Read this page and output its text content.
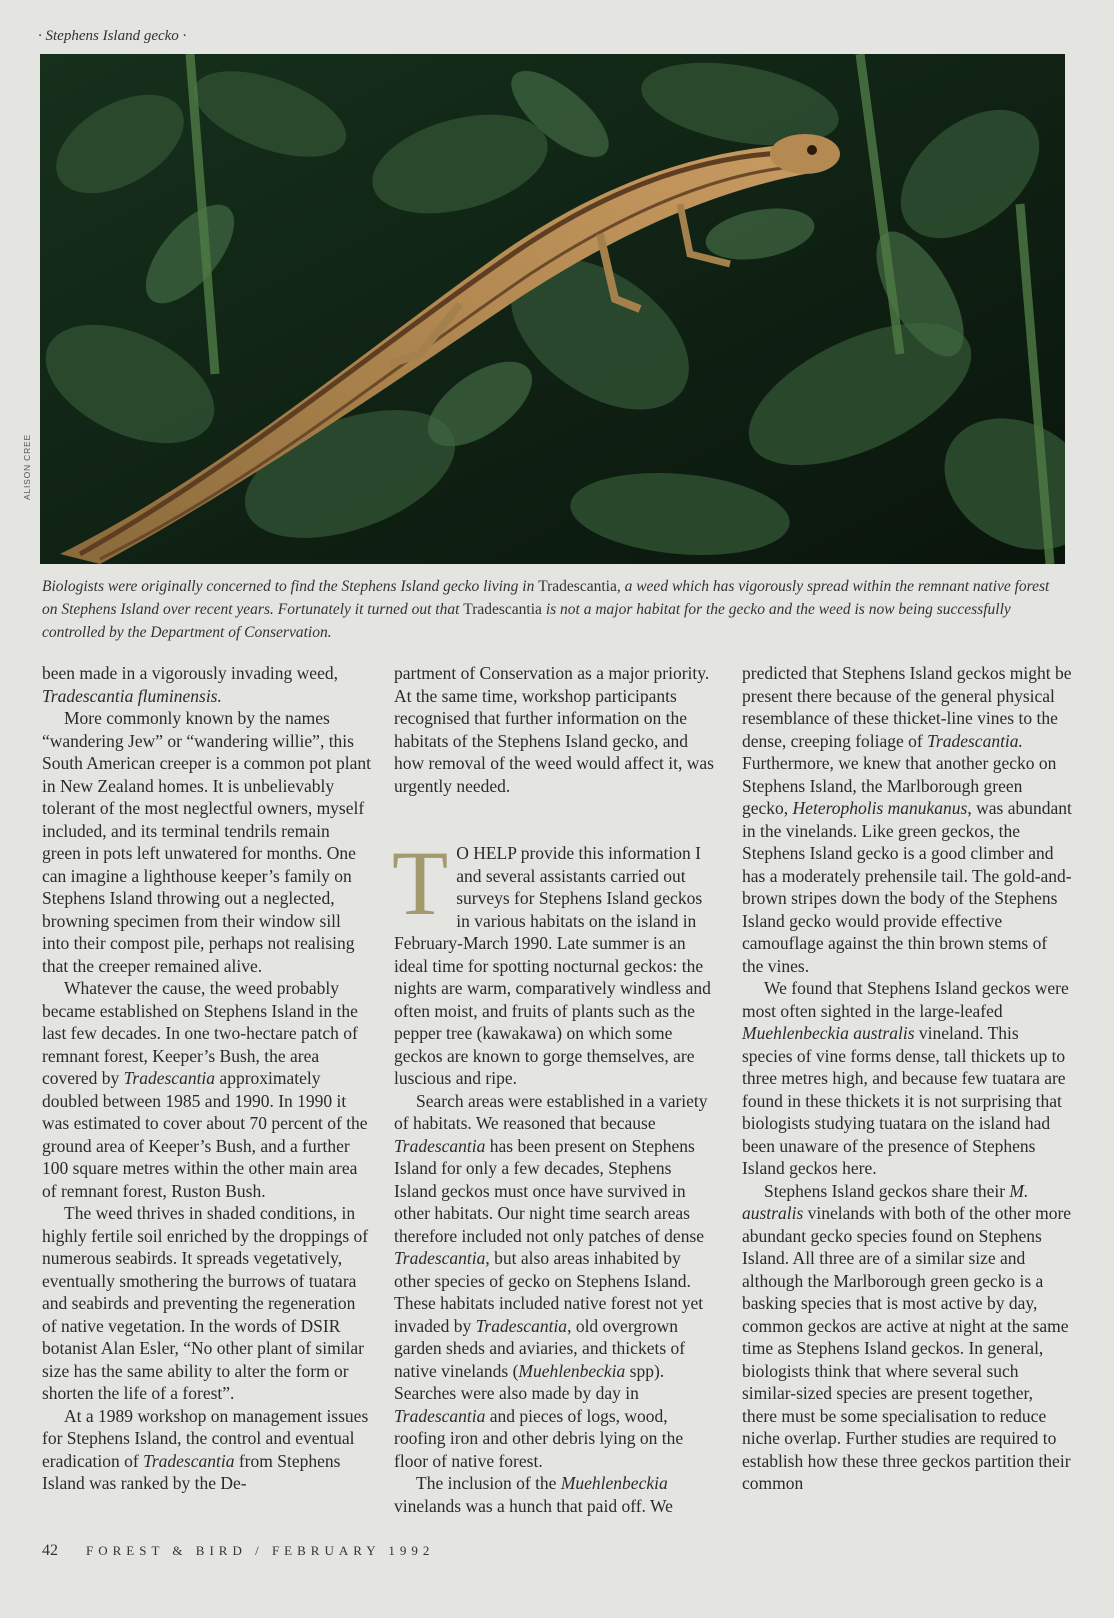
· Stephens Island gecko ·
ALISON CREE
Biologists were originally concerned to find the Stephens Island gecko living in Tradescantia, a weed which has vigorously spread within the remnant native forest on Stephens Island over recent years. Fortunately it turned out that Tradescantia is not a major habitat for the gecko and the weed is now being successfully controlled by the Department of Conservation.

been made in a vigorously invading weed, Tradescantia fluminensis.

More commonly known by the names “wandering Jew” or “wandering willie”, this South American creeper is a common pot plant in New Zealand homes. It is unbelievably tolerant of the most neglectful owners, myself included, and its terminal tendrils remain green in pots left unwatered for months. One can imagine a lighthouse keeper’s family on Stephens Island throwing out a neglected, browning specimen from their window sill into their compost pile, perhaps not realising that the creeper remained alive.

Whatever the cause, the weed probably became established on Stephens Island in the last few decades. In one two-hectare patch of remnant forest, Keeper’s Bush, the area covered by Tradescantia approximately doubled between 1985 and 1990. In 1990 it was estimated to cover about 70 percent of the ground area of Keeper’s Bush, and a further 100 square metres within the other main area of remnant forest, Ruston Bush.

The weed thrives in shaded conditions, in highly fertile soil enriched by the droppings of numerous seabirds. It spreads vegetatively, eventually smothering the burrows of tuatara and seabirds and preventing the regeneration of native vegetation. In the words of DSIR botanist Alan Esler, “No other plant of similar size has the same ability to alter the form or shorten the life of a forest”.

At a 1989 workshop on management issues for Stephens Island, the control and eventual eradication of Tradescantia from Stephens Island was ranked by the De-

partment of Conservation as a major priority. At the same time, workshop participants recognised that further information on the habitats of the Stephens Island gecko, and how removal of the weed would affect it, was urgently needed.

T O HELP provide this information I and several assistants carried out surveys for Stephens Island geckos in various habitats on the island in February-March 1990. Late summer is an ideal time for spotting nocturnal geckos: the nights are warm, comparatively windless and often moist, and fruits of plants such as the pepper tree (kawakawa) on which some geckos are known to gorge themselves, are luscious and ripe.

Search areas were established in a variety of habitats. We reasoned that because Tradescantia has been present on Stephens Island for only a few decades, Stephens Island geckos must once have survived in other habitats. Our night time search areas therefore included not only patches of dense Tradescantia, but also areas inhabited by other species of gecko on Stephens Island. These habitats included native forest not yet invaded by Tradescantia, old overgrown garden sheds and aviaries, and thickets of native vinelands (Muehlenbeckia spp). Searches were also made by day in Tradescantia and pieces of logs, wood, roofing iron and other debris lying on the floor of native forest.

The inclusion of the Muehlenbeckia vinelands was a hunch that paid off. We

predicted that Stephens Island geckos might be present there because of the general physical resemblance of these thicket-line vines to the dense, creeping foliage of Tradescantia. Furthermore, we knew that another gecko on Stephens Island, the Marlborough green gecko, Heteropholis manukanus, was abundant in the vinelands. Like green geckos, the Stephens Island gecko is a good climber and has a moderately prehensile tail. The gold-and-brown stripes down the body of the Stephens Island gecko would provide effective camouflage against the thin brown stems of the vines.

We found that Stephens Island geckos were most often sighted in the large-leafed Muehlenbeckia australis vineland. This species of vine forms dense, tall thickets up to three metres high, and because few tuatara are found in these thickets it is not surprising that biologists studying tuatara on the island had been unaware of the presence of Stephens Island geckos here.

Stephens Island geckos share their M. australis vinelands with both of the other more abundant gecko species found on Stephens Island. All three are of a similar size and although the Marlborough green gecko is a basking species that is most active by day, common geckos are active at night at the same time as Stephens Island geckos. In general, biologists think that where several such similar-sized species are present together, there must be some specialisation to reduce niche overlap. Further studies are required to establish how these three geckos partition their common

42 FOREST & BIRD / FEBRUARY 1992
